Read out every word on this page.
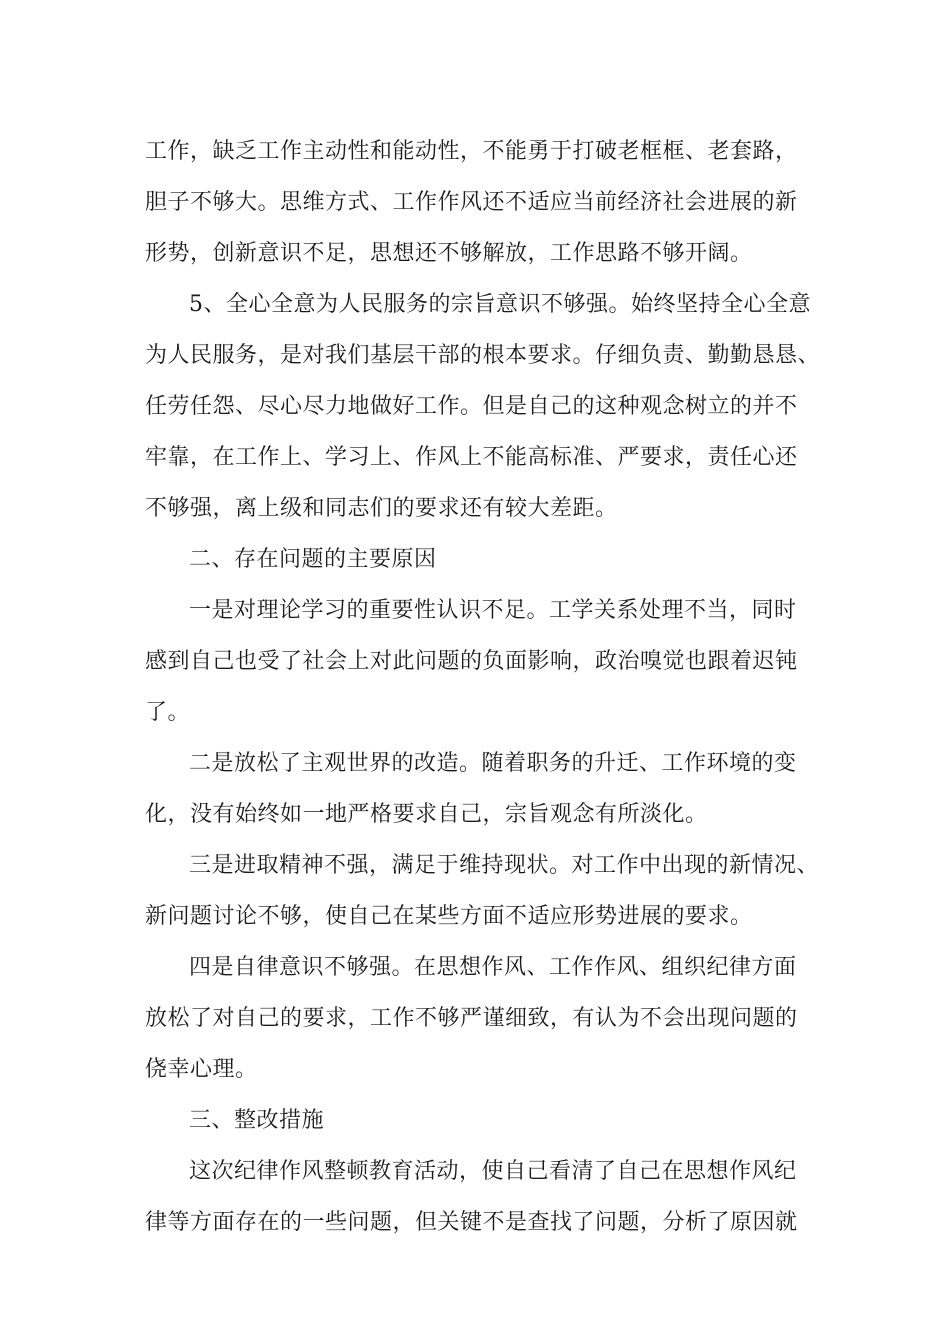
工作，缺乏工作主动性和能动性，不能勇于打破老框框、老套路，
胆子不够大。思维方式、工作作风还不适应当前经济社会进展的新
形势，创新意识不足，思想还不够解放，工作思路不够开阔。
5、全心全意为人民服务的宗旨意识不够强。始终坚持全心全意
为人民服务，是对我们基层干部的根本要求。仔细负责、勤勤恳恳、
任劳任怨、尽心尽力地做好工作。但是自己的这种观念树立的并不
牢靠，在工作上、学习上、作风上不能高标准、严要求，责任心还
不够强，离上级和同志们的要求还有较大差距。
二、存在问题的主要原因
一是对理论学习的重要性认识不足。工学关系处理不当，同时
感到自己也受了社会上对此问题的负面影响，政治嗅觉也跟着迟钝
了。
二是放松了主观世界的改造。随着职务的升迁、工作环境的变
化，没有始终如一地严格要求自己，宗旨观念有所淡化。
三是进取精神不强，满足于维持现状。对工作中出现的新情况、
新问题讨论不够，使自己在某些方面不适应形势进展的要求。
四是自律意识不够强。在思想作风、工作作风、组织纪律方面
放松了对自己的要求，工作不够严谨细致，有认为不会出现问题的
侥幸心理。
三、整改措施
这次纪律作风整顿教育活动，使自己看清了自己在思想作风纪
律等方面存在的一些问题，但关键不是查找了问题，分析了原因就
